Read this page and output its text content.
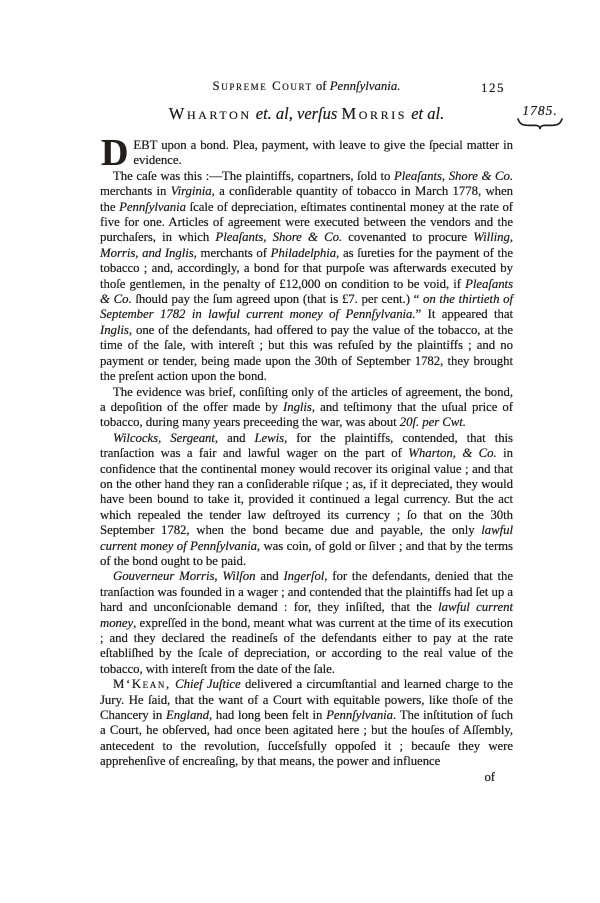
Supreme Court of Pennſylvania.	125
1785.
Wharton et. al, verſus Morris et al.

DEBT upon a bond. Plea, payment, with leave to give the ſpecial matter in evidence.

The caſe was this :—The plaintiffs, copartners, ſold to Pleaſants, Shore & Co. merchants in Virginia, a conſiderable quantity of tobacco in March 1778, when the Pennſylvania ſcale of depreciation, eſtimates continental money at the rate of five for one. Articles of agreement were executed between the vendors and the purchaſers, in which Pleaſants, Shore & Co. covenanted to procure Willing, Morris, and Inglis, merchants of Philadelphia, as ſureties for the payment of the tobacco ; and, accordingly, a bond for that purpoſe was afterwards executed by thoſe gentlemen, in the penalty of £12,000 on condition to be void, if Pleaſants & Co. ſhould pay the ſum agreed upon (that is £7. per cent.) “ on the thirtieth of September 1782 in lawful current money of Pennſylvania.” It appeared that Inglis, one of the defendants, had offered to pay the value of the tobacco, at the time of the ſale, with intereſt ; but this was refuſed by the plaintiffs ; and no payment or tender, being made upon the 30th of September 1782, they brought the preſent action upon the bond.

The evidence was brief, conſiſting only of the articles of agreement, the bond, a depoſition of the offer made by Inglis, and teſtimony that the uſual price of tobacco, during many years preceeding the war, was about 20ſ. per Cwt.

Wilcocks, Sergeant, and Lewis, for the plaintiffs, contended, that this tranſaction was a fair and lawful wager on the part of Wharton, & Co. in confidence that the continental money would recover its original value ; and that on the other hand they ran a conſiderable riſque ; as, if it depreciated, they would have been bound to take it, provided it continued a legal currency. But the act which repealed the tender law deſtroyed its currency ; ſo that on the 30th September 1782, when the bond became due and payable, the only lawful current money of Pennſylvania, was coin, of gold or ſilver ; and that by the terms of the bond ought to be paid.

Gouverneur Morris, Wilſon and Ingerſol, for the defendants, denied that the tranſaction was founded in a wager ; and contended that the plaintiffs had ſet up a hard and unconſcionable demand : for, they inſiſted, that the lawful current money, expreſſed in the bond, meant what was current at the time of its execution ; and they declared the readineſs of the defendants either to pay at the rate eſtabliſhed by the ſcale of depreciation, or according to the real value of the tobacco, with intereſt from the date of the ſale.

M‘Kean, Chief Juſtice delivered a circumſtantial and learned charge to the Jury. He ſaid, that the want of a Court with equitable powers, like thoſe of the Chancery in England, had long been felt in Pennſylvania. The inſtitution of ſuch a Court, he obſerved, had once been agitated here ; but the houſes of Aſſembly, antecedent to the revolution, ſucceſsfully oppoſed it ; becauſe they were apprehenſive of encreaſing, by that means, the power and influence

of
